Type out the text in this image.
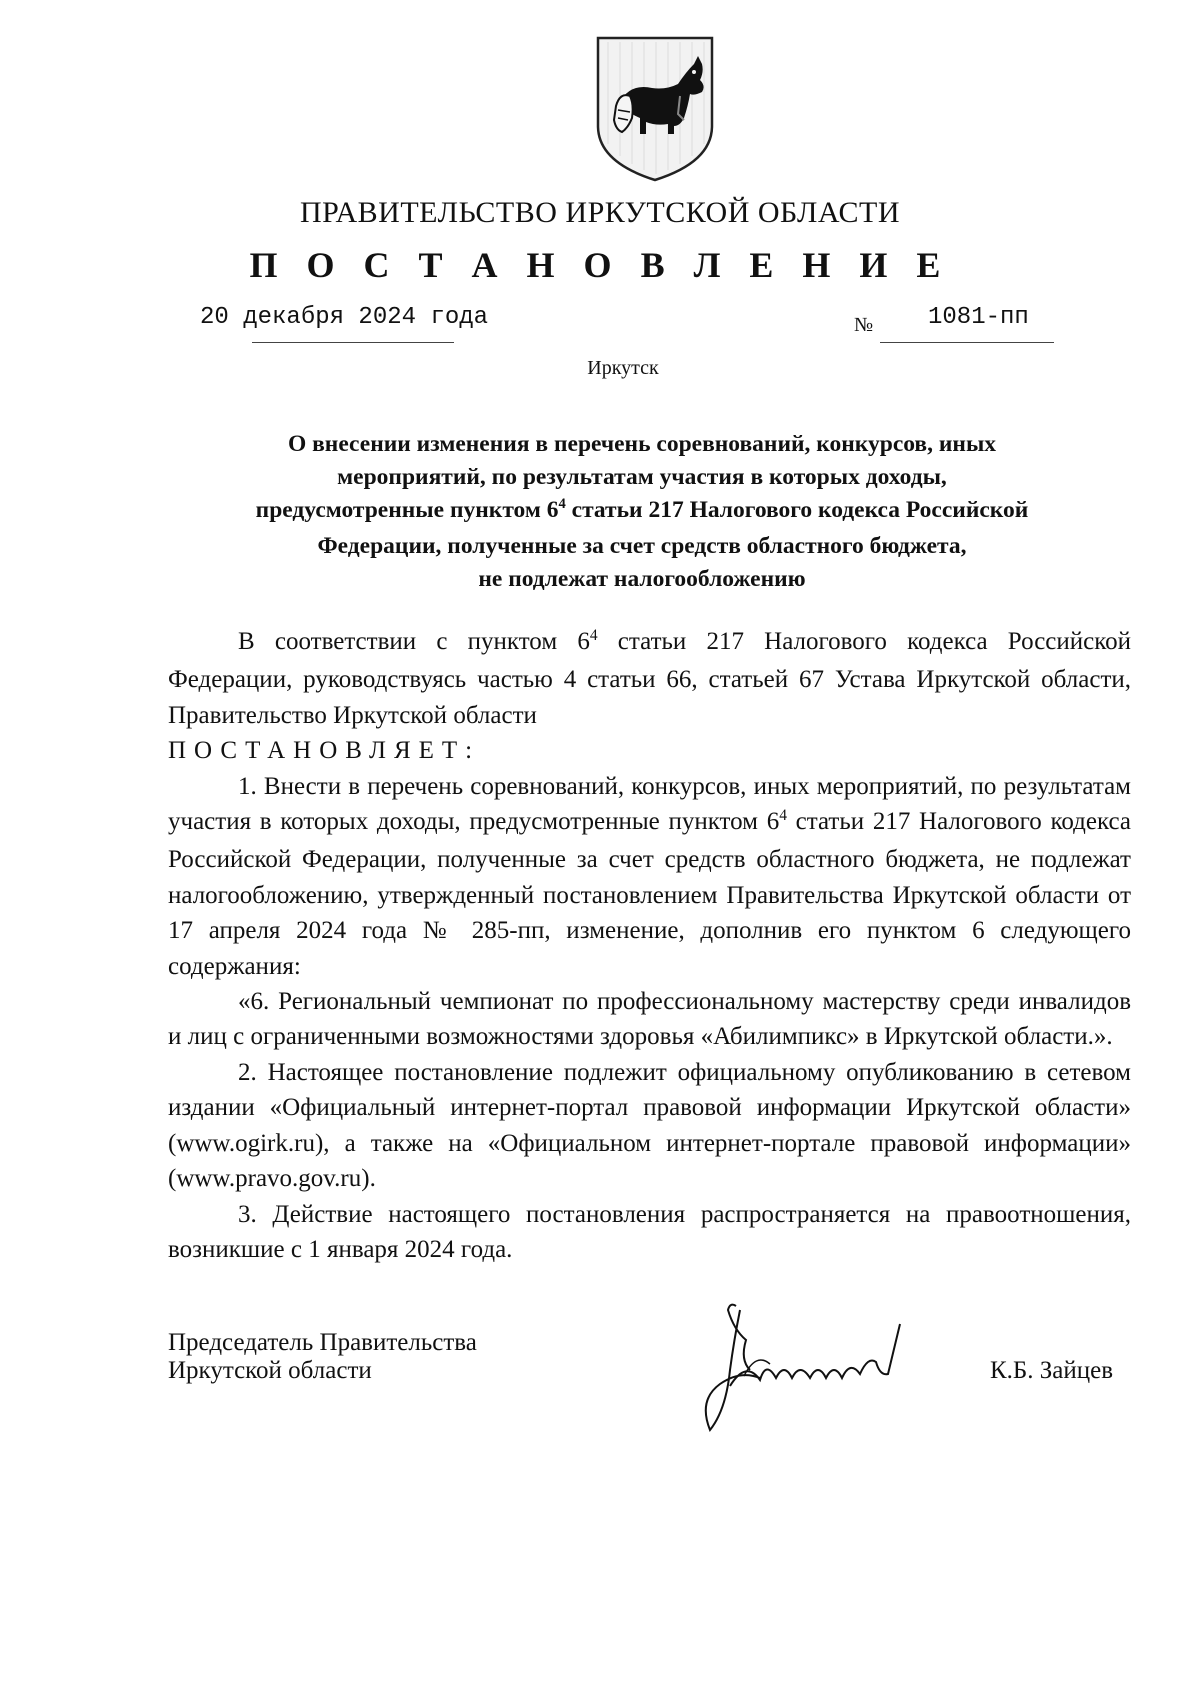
ПРАВИТЕЛЬСТВО ИРКУТСКОЙ ОБЛАСТИ
П О С Т А Н О В Л Е Н И Е
20 декабря 2024 года	№ 1081-пп
Иркутск
О внесении изменения в перечень соревнований, конкурсов, иных
мероприятий, по результатам участия в которых доходы,
предусмотренные пунктом $6^4$ статьи 217 Налогового кодекса Российской
Федерации, полученные за счет средств областного бюджета,
не подлежат налогообложению

В соответствии с пунктом $6^4$ статьи 217 Налогового кодекса Российской Федерации, руководствуясь частью 4 статьи 66, статьей 67 Устава Иркутской области, Правительство Иркутской области

ПОСТАНОВЛЯЕТ:

1. Внести в перечень соревнований, конкурсов, иных мероприятий, по результатам участия в которых доходы, предусмотренные пунктом $6^4$ статьи 217 Налогового кодекса Российской Федерации, полученные за счет средств областного бюджета, не подлежат налогообложению, утвержденный постановлением Правительства Иркутской области от 17 апреля 2024 года № 285-пп, изменение, дополнив его пунктом 6 следующего содержания:

«6. Региональный чемпионат по профессиональному мастерству среди инвалидов и лиц с ограниченными возможностями здоровья «Абилимпикс» в Иркутской области.».

2. Настоящее постановление подлежит официальному опубликованию в сетевом издании «Официальный интернет-портал правовой информации Иркутской области» (www.ogirk.ru), а также на «Официальном интернет-портале правовой информации» (www.pravo.gov.ru).

3. Действие настоящего постановления распространяется на правоотношения, возникшие с 1 января 2024 года.

Председатель Правительства
Иркутской области	К.Б. Зайцев
